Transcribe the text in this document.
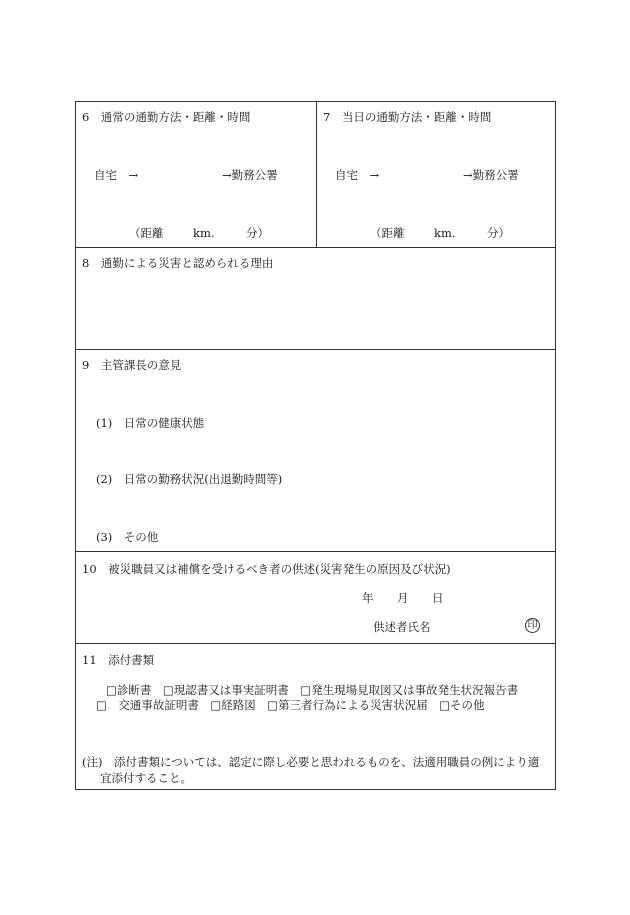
6　通常の通勤方法・距離・時間
自宅　→	→勤務公署
（距離	km.	分）
7　当日の通勤方法・距離・時間
自宅　→	→勤務公署
（距離	km.	分）
8　通勤による災害と認められる理由
9　主管課長の意見
(1)　日常の健康状態
(2)　日常の勤務状況(出退勤時間等)
(3)　その他
10　被災職員又は補償を受けるべき者の供述(災害発生の原因及び状況)
年 月 日
供述者氏名	印
11　添付書類
□診断書　□現認書又は事実証明書　□発生現場見取図又は事故発生状況報告書
□　交通事故証明書　□経路図　□第三者行為による災害状況届　□その他
(注)　添付書類については、認定に際し必要と思われるものを、法適用職員の例により適
宜添付すること。
